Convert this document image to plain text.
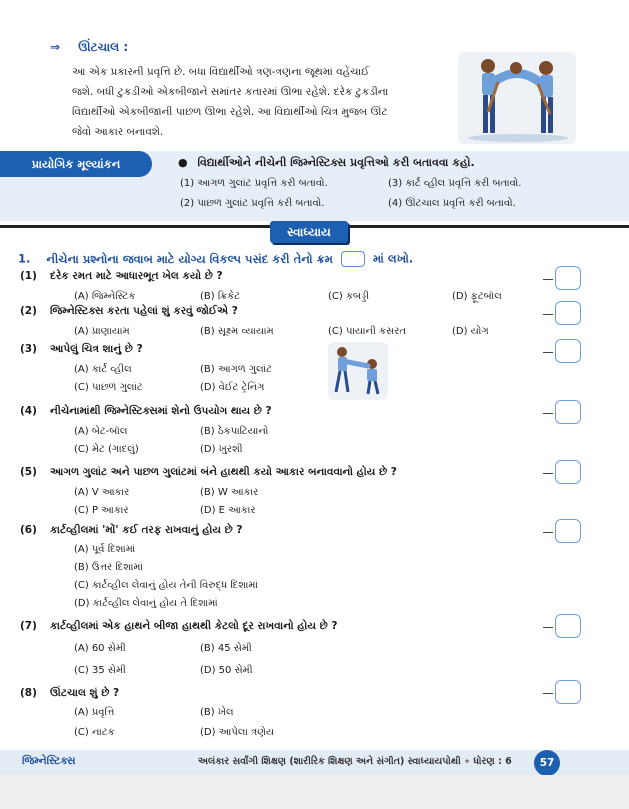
⇒ ઊંટચાલ :
આ એક પ્રકારની પ્રવૃત્તિ છે. બધા વિદ્યાર્થીઓ ત્રણ-ત્રણના જૂથમાં વહેંચાઈ
જશે. બધી ટુકડીઓ એકબીજાને સમાંતર કતારમાં ઊભા રહેશે. દરેક ટુકડીના
વિદ્યાર્થીઓ એકબીજાની પાછળ ઊભા રહેશે. આ વિદ્યાર્થીઓ ચિત્ર મુજબ ઊંટ
જેવો આકાર બનાવશે.
પ્રાયોગિક મૂલ્યાંકન	● વિદ્યાર્થીઓને નીચેની જિમ્નેસ્ટિક્સ પ્રવૃત્તિઓ કરી બતાવવા કહો.
(1) આગળ ગુલાંટ પ્રવૃત્તિ કરી બતાવો.
(2) પાછળ ગુલાંટ પ્રવૃત્તિ કરી બતાવો.
(3) કાર્ટ વ્હીલ પ્રવૃત્તિ કરી બતાવો.
(4) ઊંટચાલ પ્રવૃત્તિ કરી બતાવો.
સ્વાધ્યાય
1. નીચેના પ્રશ્નોના જવાબ માટે યોગ્ય વિકલ્પ પસંદ કરી તેનો ક્રમ	માં લખો.
(1) દરેક રમત માટે આધારભૂત ખેલ કયો છે ?
(A) જિમ્નેસ્ટિક	(B) ક્રિકેટ	(C) કબડ્ડી	(D) ફૂટબૉલ
(2) જિમ્નેસ્ટિક્સ કરતા પહેલાં શું કરવું જોઈએ ?
(A) પ્રાણાયામ	(B) સૂક્ષ્મ વ્યાયામ	(C) પાયાની કસરત	(D) યોગ
(3) આપેલું ચિત્ર શાનું છે ?
(A) કાર્ટ વ્હીલ	(B) આગળ ગુલાંટ
(C) પાછળ ગુલાંટ	(D) વેઈટ ટ્રેનિંગ
(4) નીચેનામાંથી જિમ્નેસ્ટિક્સમાં શેનો ઉપયોગ થાય છે ?
(A) બેટ-બૉલ	(B) ઠેકપાટિયાનો
(C) મેટ (ગાદલું)	(D) ખુરશી
(5) આગળ ગુલાંટ અને પાછળ ગુલાંટમાં બંને હાથથી કયો આકાર બનાવવાનો હોય છે ?
(A) V આકાર	(B) W આકાર
(C) P આકાર	(D) E આકાર
(6) કાર્ટવ્હીલમાં 'મોં' કઈ તરફ રાખવાનું હોય છે ?
(A) પૂર્વ દિશામાં
(B) ઉત્તર દિશામાં
(C) કાર્ટવ્હીલ લેવાનું હોય તેની વિરુદ્ધ દિશામાં
(D) કાર્ટવ્હીલ લેવાનું હોય તે દિશામાં
(7) કાર્ટવ્હીલમાં એક હાથને બીજા હાથથી કેટલો દૂર રાખવાનો હોય છે ?
(A) 60 સેમી	(B) 45 સેમી
(C) 35 સેમી	(D) 50 સેમી
(8) ઊંટચાલ શું છે ?
(A) પ્રવૃત્તિ	(B) ખેલ
(C) નાટક	(D) આપેલા ત્રણેય
જિમ્નેસ્ટિક્સ	અલંકાર સર્વાંગી શિક્ષણ (શારીરિક શિક્ષણ અને સંગીત) સ્વાધ્યાયપોથી ∘ ધોરણ : 6	57
